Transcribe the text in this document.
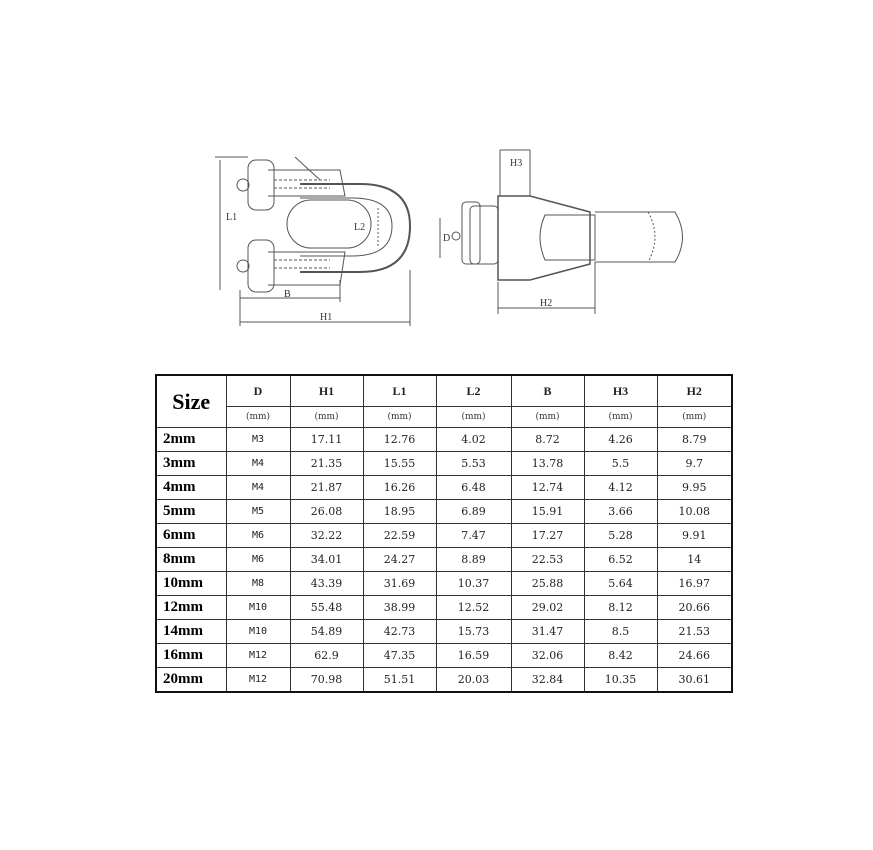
L1
L2
B
H1
H3
D
H2
Size	D	H1	L1	L2	B	H3	H2
	(mm)	(mm)	(mm)	(mm)	(mm)	(mm)	(mm)
2mm	M3	17.11	12.76	4.02	8.72	4.26	8.79
3mm	M4	21.35	15.55	5.53	13.78	5.5	9.7
4mm	M4	21.87	16.26	6.48	12.74	4.12	9.95
5mm	M5	26.08	18.95	6.89	15.91	3.66	10.08
6mm	M6	32.22	22.59	7.47	17.27	5.28	9.91
8mm	M6	34.01	24.27	8.89	22.53	6.52	14
10mm	M8	43.39	31.69	10.37	25.88	5.64	16.97
12mm	M10	55.48	38.99	12.52	29.02	8.12	20.66
14mm	M10	54.89	42.73	15.73	31.47	8.5	21.53
16mm	M12	62.9	47.35	16.59	32.06	8.42	24.66
20mm	M12	70.98	51.51	20.03	32.84	10.35	30.61
